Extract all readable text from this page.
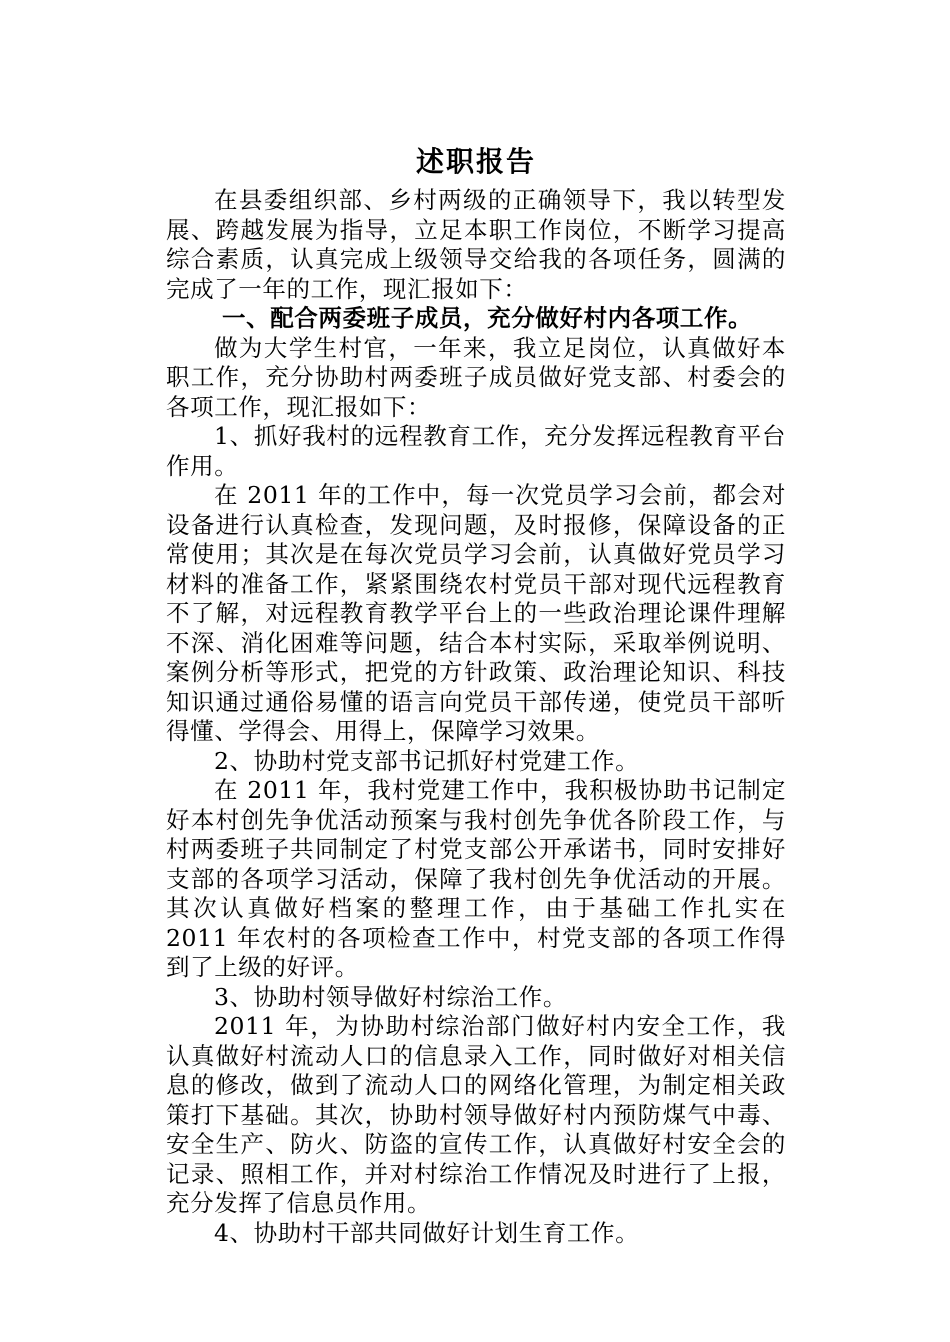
述职报告

在县委组织部、乡村两级的正确领导下，我以转型发展、跨越发展为指导，立足本职工作岗位，不断学习提高综合素质，认真完成上级领导交给我的各项任务，圆满的完成了一年的工作，现汇报如下：

一、配合两委班子成员，充分做好村内各项工作。

做为大学生村官，一年来，我立足岗位，认真做好本职工作，充分协助村两委班子成员做好党支部、村委会的各项工作，现汇报如下：

1、抓好我村的远程教育工作，充分发挥远程教育平台作用。

在 2011 年的工作中，每一次党员学习会前，都会对设备进行认真检查，发现问题，及时报修，保障设备的正常使用；其次是在每次党员学习会前，认真做好党员学习材料的准备工作，紧紧围绕农村党员干部对现代远程教育不了解，对远程教育教学平台上的一些政治理论课件理解不深、消化困难等问题，结合本村实际，采取举例说明、案例分析等形式，把党的方针政策、政治理论知识、科技知识通过通俗易懂的语言向党员干部传递，使党员干部听得懂、学得会、用得上，保障学习效果。

2、协助村党支部书记抓好村党建工作。

在 2011 年，我村党建工作中，我积极协助书记制定好本村创先争优活动预案与我村创先争优各阶段工作，与村两委班子共同制定了村党支部公开承诺书，同时安排好支部的各项学习活动，保障了我村创先争优活动的开展。其次认真做好档案的整理工作，由于基础工作扎实在 2011 年农村的各项检查工作中，村党支部的各项工作得到了上级的好评。

3、协助村领导做好村综治工作。

2011 年，为协助村综治部门做好村内安全工作，我认真做好村流动人口的信息录入工作，同时做好对相关信息的修改，做到了流动人口的网络化管理，为制定相关政策打下基础。其次，协助村领导做好村内预防煤气中毒、安全生产、防火、防盗的宣传工作，认真做好村安全会的记录、照相工作，并对村综治工作情况及时进行了上报，充分发挥了信息员作用。

4、协助村干部共同做好计划生育工作。
